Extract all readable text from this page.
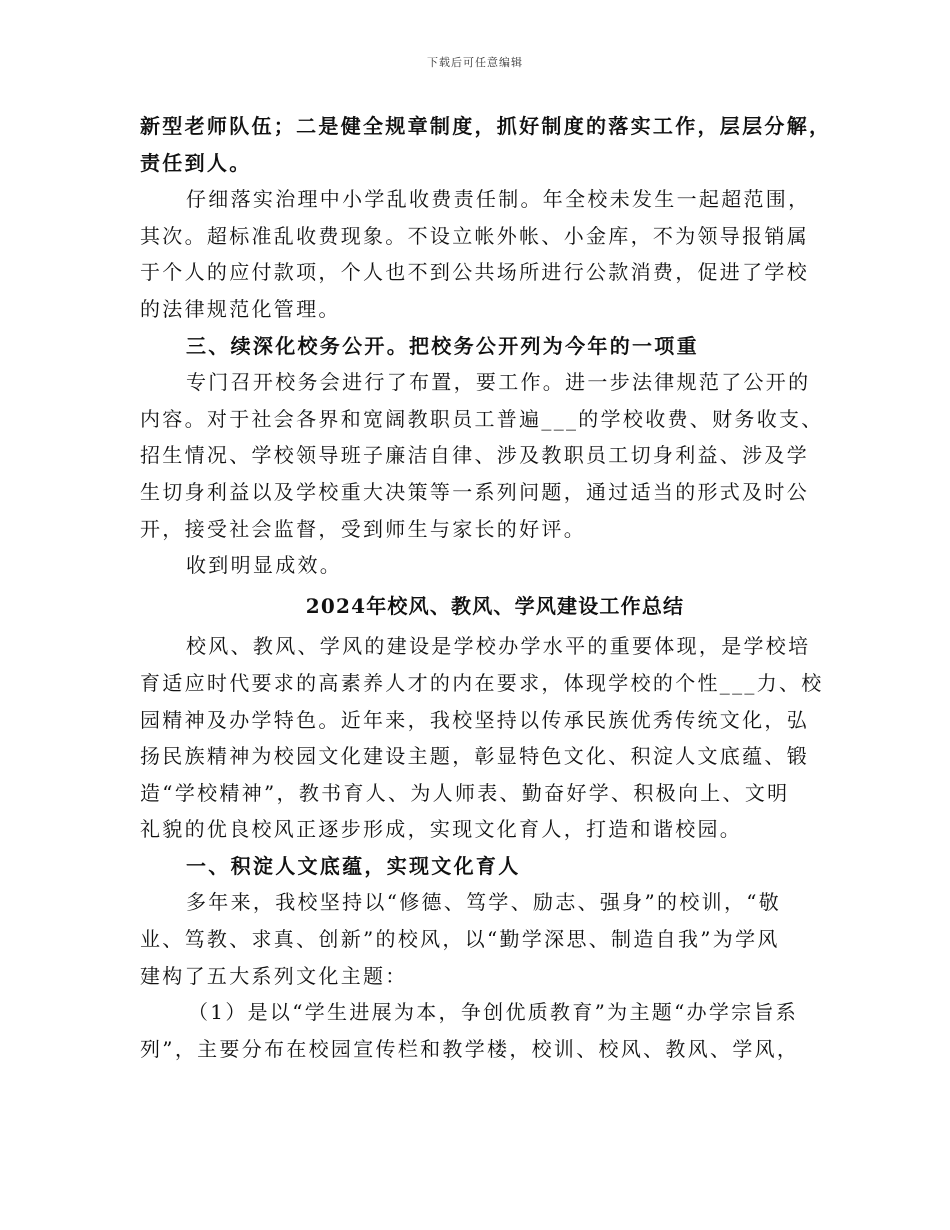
下载后可任意编辑
新型老师队伍；二是健全规章制度，抓好制度的落实工作，层层分解，
责任到人。
仔细落实治理中小学乱收费责任制。年全校未发生一起超范围，
其次。超标准乱收费现象。不设立帐外帐、小金库，不为领导报销属
于个人的应付款项，个人也不到公共场所进行公款消费，促进了学校
的法律规范化管理。
三、续深化校务公开。把校务公开列为今年的一项重
专门召开校务会进行了布置，要工作。进一步法律规范了公开的
内容。对于社会各界和宽阔教职员工普遍___的学校收费、财务收支、
招生情况、学校领导班子廉洁自律、涉及教职员工切身利益、涉及学
生切身利益以及学校重大决策等一系列问题，通过适当的形式及时公
开，接受社会监督，受到师生与家长的好评。
收到明显成效。
2024年校风、教风、学风建设工作总结
校风、教风、学风的建设是学校办学水平的重要体现，是学校培
育适应时代要求的高素养人才的内在要求，体现学校的个性___力、校
园精神及办学特色。近年来，我校坚持以传承民族优秀传统文化，弘
扬民族精神为校园文化建设主题，彰显特色文化、积淀人文底蕴、锻
造“学校精神”，教书育人、为人师表、勤奋好学、积极向上、文明
礼貌的优良校风正逐步形成，实现文化育人，打造和谐校园。
一、积淀人文底蕴，实现文化育人
多年来，我校坚持以“修德、笃学、励志、强身”的校训，“敬
业、笃教、求真、创新”的校风，以“勤学深思、制造自我”为学风
建构了五大系列文化主题：
（1）是以“学生进展为本，争创优质教育”为主题“办学宗旨系
列”，主要分布在校园宣传栏和教学楼，校训、校风、教风、学风，
